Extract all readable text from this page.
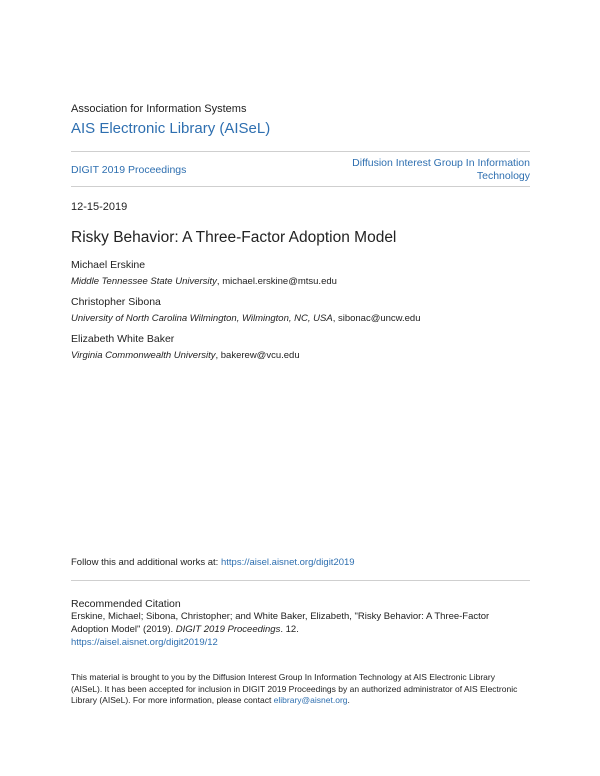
Association for Information Systems
AIS Electronic Library (AISeL)
DIGIT 2019 Proceedings
Diffusion Interest Group In Information Technology
12-15-2019
Risky Behavior: A Three-Factor Adoption Model
Michael Erskine
Middle Tennessee State University, michael.erskine@mtsu.edu
Christopher Sibona
University of North Carolina Wilmington, Wilmington, NC, USA, sibonac@uncw.edu
Elizabeth White Baker
Virginia Commonwealth University, bakerew@vcu.edu
Follow this and additional works at: https://aisel.aisnet.org/digit2019
Recommended Citation
Erskine, Michael; Sibona, Christopher; and White Baker, Elizabeth, "Risky Behavior: A Three-Factor Adoption Model" (2019). DIGIT 2019 Proceedings. 12.
https://aisel.aisnet.org/digit2019/12
This material is brought to you by the Diffusion Interest Group In Information Technology at AIS Electronic Library (AISeL). It has been accepted for inclusion in DIGIT 2019 Proceedings by an authorized administrator of AIS Electronic Library (AISeL). For more information, please contact elibrary@aisnet.org.
